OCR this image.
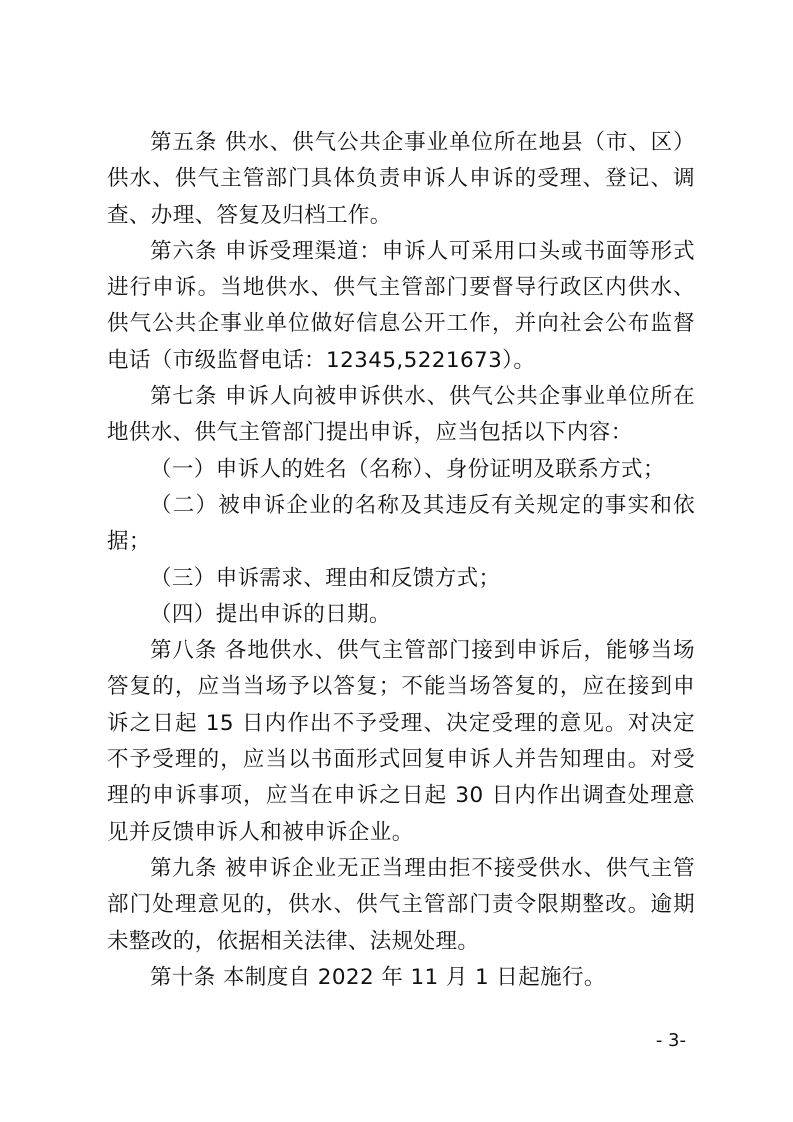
第五条 供水、供气公共企事业单位所在地县（市、区）供水、供气主管部门具体负责申诉人申诉的受理、登记、调查、办理、答复及归档工作。

第六条 申诉受理渠道：申诉人可采用口头或书面等形式进行申诉。当地供水、供气主管部门要督导行政区内供水、供气公共企事业单位做好信息公开工作，并向社会公布监督电话（市级监督电话：12345,5221673）。

第七条 申诉人向被申诉供水、供气公共企事业单位所在地供水、供气主管部门提出申诉，应当包括以下内容：

（一）申诉人的姓名（名称）、身份证明及联系方式；

（二）被申诉企业的名称及其违反有关规定的事实和依据；

（三）申诉需求、理由和反馈方式；

（四）提出申诉的日期。

第八条 各地供水、供气主管部门接到申诉后，能够当场答复的，应当当场予以答复；不能当场答复的，应在接到申诉之日起 15 日内作出不予受理、决定受理的意见。对决定不予受理的，应当以书面形式回复申诉人并告知理由。对受理的申诉事项，应当在申诉之日起 30 日内作出调查处理意见并反馈申诉人和被申诉企业。

第九条 被申诉企业无正当理由拒不接受供水、供气主管部门处理意见的，供水、供气主管部门责令限期整改。逾期未整改的，依据相关法律、法规处理。

第十条 本制度自 2022 年 11 月 1 日起施行。

- 3-
